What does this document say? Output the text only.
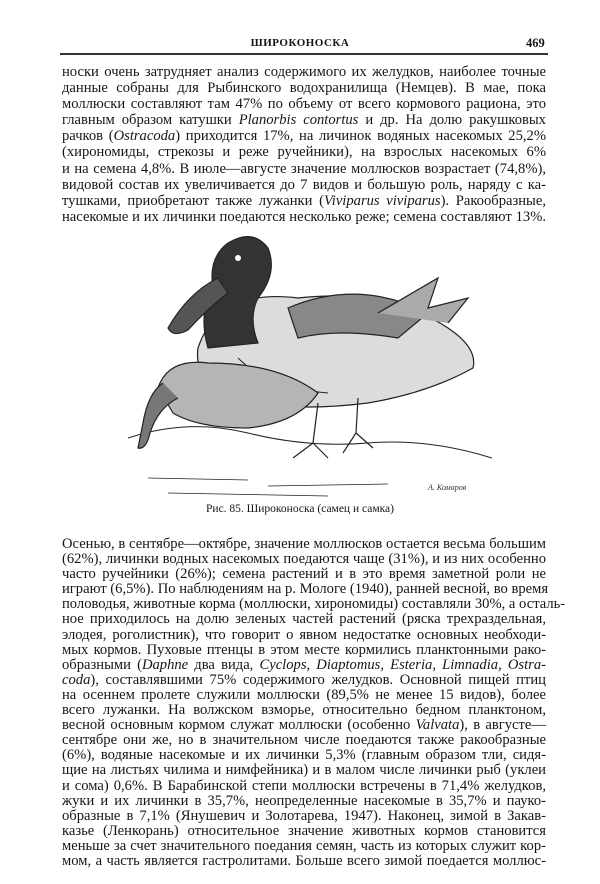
ШИРОКОНОСКА	469
носки очень затрудняет анализ содержимого их желудков, наиболее точные
данные собраны для Рыбинского водохранилища (Немцев). В мае, пока
моллюски составляют там 47% по объему от всего кормового рациона, это
главным образом катушки Planorbis contortus и др. На долю ракушковых
рачков (Ostracoda) приходится 17%, на личинок водяных насекомых 25,2%
(хирономиды, стрекозы и реже ручейники), на взрослых насекомых 6%
и на семена 4,8%. В июле—августе значение моллюсков возрастает (74,8%),
видовой состав их увеличивается до 7 видов и большую роль, наряду с ка-
тушками, приобретают также лужанки (Viviparus viviparus). Ракообразные,
насекомые и их личинки поедаются несколько реже; семена составляют 13%.
А. Комаров
Рис. 85. Широконоска (самец и самка)
Осенью, в сентябре—октябре, значение моллюсков остается весьма большим
(62%), личинки водных насекомых поедаются чаще (31%), и из них особенно
часто ручейники (26%); семена растений и в это время заметной роли не
играют (6,5%). По наблюдениям на р. Мологе (1940), ранней весной, во время
половодья, животные корма (моллюски, хирономиды) составляли 30%, а осталь-
ное приходилось на долю зеленых частей растений (ряска трехраздельная,
элодея, роголистник), что говорит о явном недостатке основных необходи-
мых кормов. Пуховые птенцы в этом месте кормились планктонными рако-
образными (Daphne два вида, Cyclops, Diaptomus, Esteria, Limnadia, Ostra-
coda), составлявшими 75% содержимого желудков. Основной пищей птиц
на осеннем пролете служили моллюски (89,5% не менее 15 видов), более
всего лужанки. На волжском взморье, относительно бедном планктоном,
весной основным кормом служат моллюски (особенно Valvata), в августе—
сентябре они же, но в значительном числе поедаются также ракообразные
(6%), водяные насекомые и их личинки 5,3% (главным образом тли, сидя-
щие на листьях чилима и нимфейника) и в малом числе личинки рыб (уклеи
и сома) 0,6%. В Барабинской степи моллюски встречены в 71,4% желудков,
жуки и их личинки в 35,7%, неопределенные насекомые в 35,7% и пауко-
образные в 7,1% (Янушевич и Золотарева, 1947). Наконец, зимой в Закав-
казье (Ленкорань) относительное значение животных кормов становится
меньше за счет значительного поедания семян, часть из которых служит кор-
мом, а часть является гастролитами. Больше всего зимой поедается моллюс-
